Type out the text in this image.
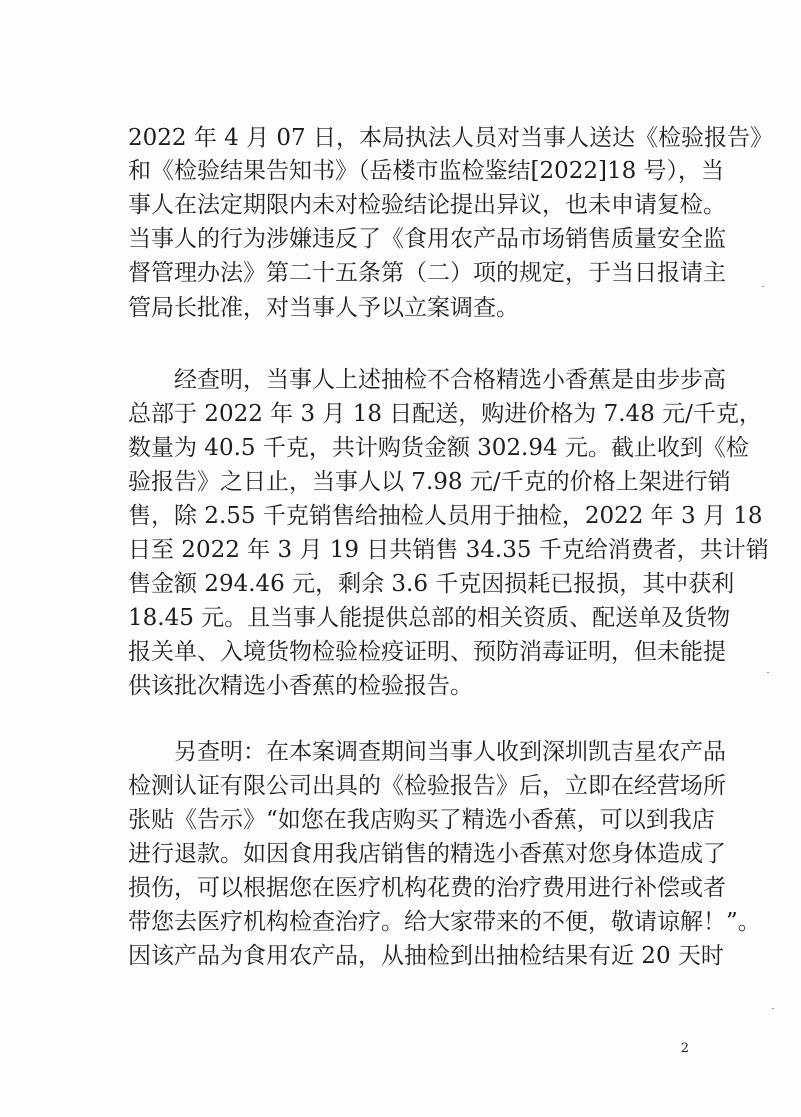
2022 年 4 月 07 日，本局执法人员对当事人送达《检验报告》
和《检验结果告知书》（岳楼市监检鉴结[2022]18 号），当
事人在法定期限内未对检验结论提出异议，也未申请复检。
当事人的行为涉嫌违反了《食用农产品市场销售质量安全监
督管理办法》第二十五条第（二）项的规定，于当日报请主
管局长批准，对当事人予以立案调查。
经查明，当事人上述抽检不合格精选小香蕉是由步步高
总部于 2022 年 3 月 18 日配送，购进价格为 7.48 元/千克，
数量为 40.5 千克，共计购货金额 302.94 元。截止收到《检
验报告》之日止，当事人以 7.98 元/千克的价格上架进行销
售，除 2.55 千克销售给抽检人员用于抽检，2022 年 3 月 18
日至 2022 年 3 月 19 日共销售 34.35 千克给消费者，共计销
售金额 294.46 元，剩余 3.6 千克因损耗已报损，其中获利
18.45 元。且当事人能提供总部的相关资质、配送单及货物
报关单、入境货物检验检疫证明、预防消毒证明，但未能提
供该批次精选小香蕉的检验报告。
另查明：在本案调查期间当事人收到深圳凯吉星农产品
检测认证有限公司出具的《检验报告》后，立即在经营场所
张贴《告示》“如您在我店购买了精选小香蕉，可以到我店
进行退款。如因食用我店销售的精选小香蕉对您身体造成了
损伤，可以根据您在医疗机构花费的治疗费用进行补偿或者
带您去医疗机构检查治疗。给大家带来的不便，敬请谅解！”。
因该产品为食用农产品，从抽检到出抽检结果有近 20 天时
2
